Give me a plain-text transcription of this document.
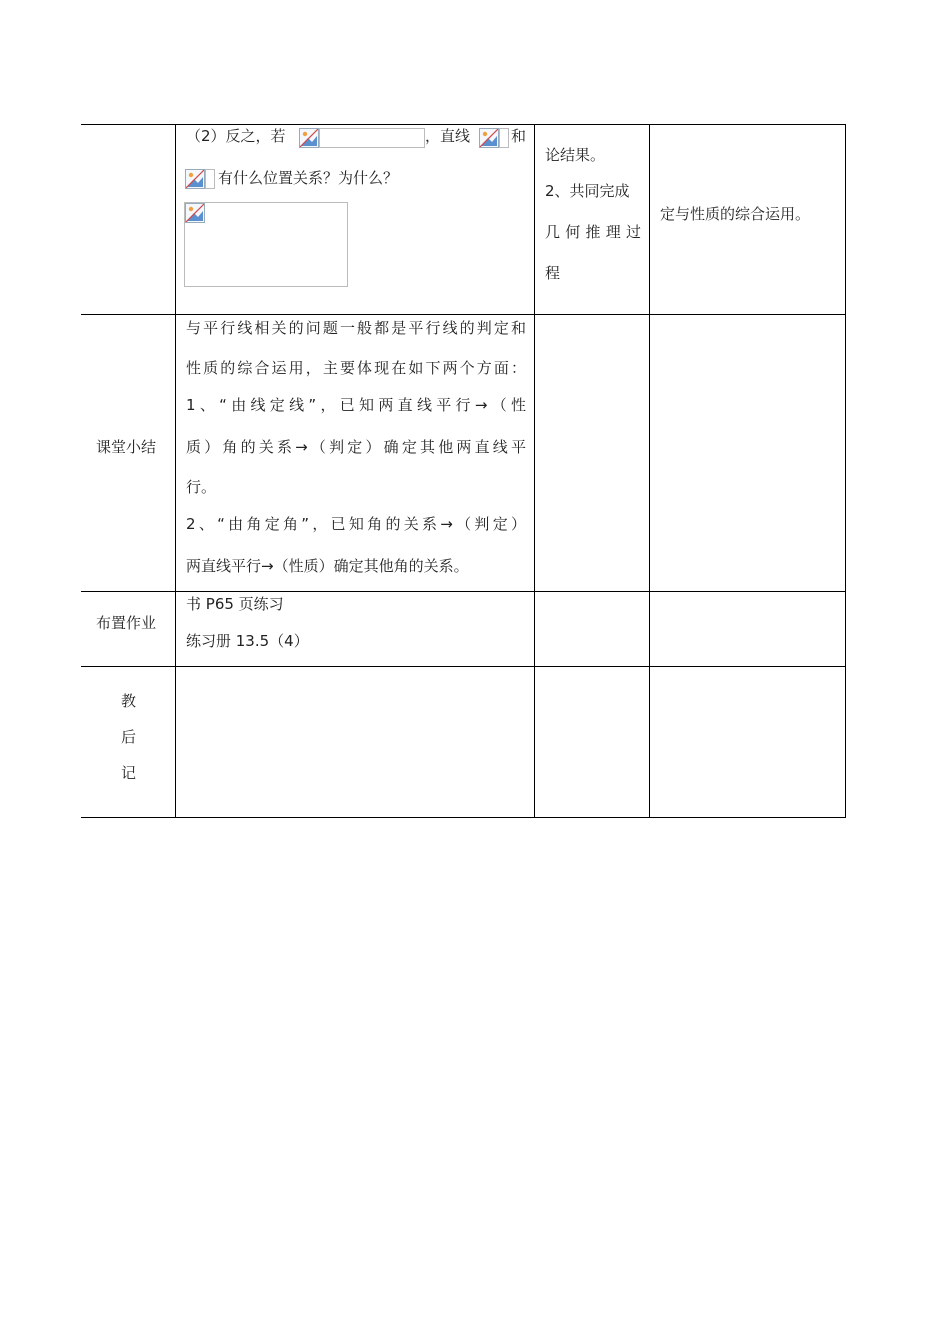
（2）反之，若	，直线	和
有什么位置关系？为什么？
论结果。
2、共同完成
几何推理过
程
定与性质的综合运用。
课堂小结
与平行线相关的问题一般都是平行线的判定和
性质的综合运用，主要体现在如下两个方面：
1、“由线定线”，已知两直线平行→（性
质）角的关系→（判定）确定其他两直线平
行。
2、“由角定角”，已知角的关系→（判定）
两直线平行→（性质）确定其他角的关系。
布置作业
书 P65 页练习
练习册 13.5（4）
教
后
记
